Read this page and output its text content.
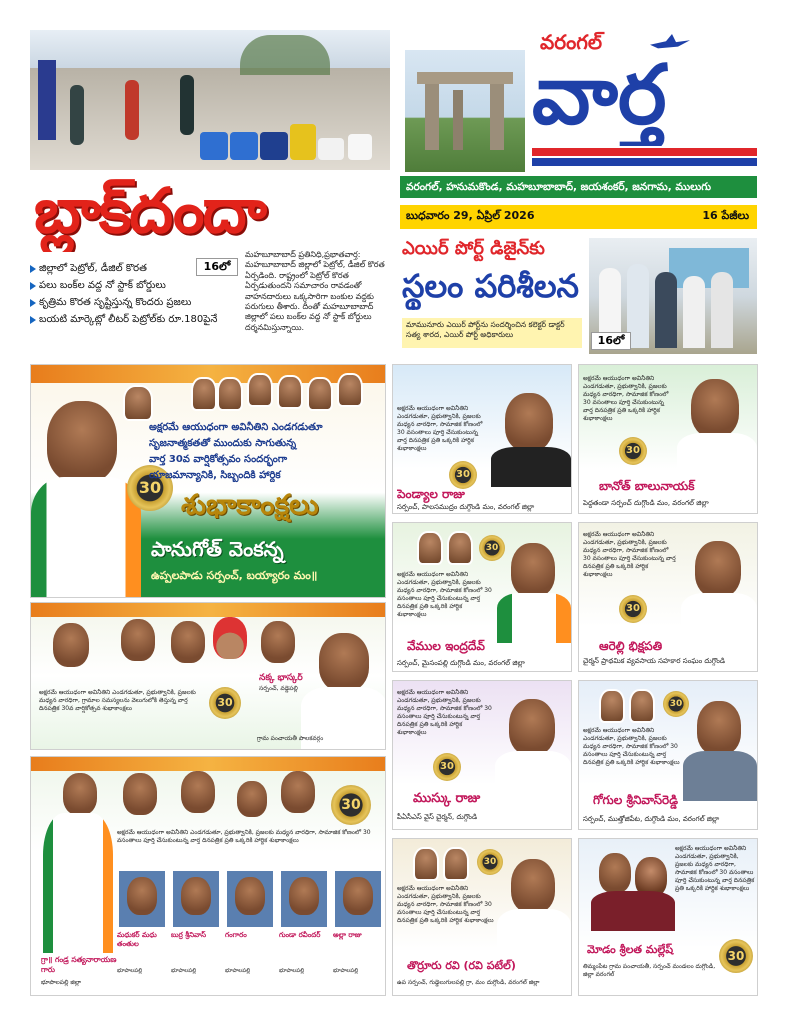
బ్లాక్‌దందా
జిల్లాలో పెట్రోల్, డీజిల్ కొరత
పలు బంక్‌ల వద్ద నో స్టాక్ బోర్డులు
కృత్రిమ కొరత సృష్టిస్తున్న కొందరు ప్రజలు
బయటి మార్కెట్లో లీటర్ పెట్రోల్‌కు రూ.180పైనే
16లో
మహబూబాబాద్ ప్రతినిధి,ప్రభాతవార్త: మహబూబాబాద్ జిల్లాలో పెట్రోల్, డీజిల్ కొరత ఏర్పడింది. రాష్ట్రంలో పెట్రోల్ కొరత ఏర్పడుతుందని సమాచారం రావడంతో వాహనదారులు ఒక్కసారిగా బంకుల వద్దకు పరుగులు తీశారు. దీంతో మహబూబాబాద్ జిల్లాలో పలు బంక్‌ల వద్ద నో స్టాక్ బోర్డులు దర్శనమిస్తున్నాయి.
వరంగల్
వార్త
వరంగల్, హనుమకొండ, మహబూబాబాద్, జయశంకర్, జనగామ, ములుగు
బుధవారం 29, ఏప్రిల్ 2026	16 పేజీలు
ఎయిర్ పోర్ట్ డిజైన్‌కు
స్థలం పరిశీలన
మామునూరు ఎయిర్ పోర్ట్‌ను సందర్శించిన కలెక్టర్ డాక్టర్ సత్య శారద, ఎయిర్ పోర్ట్ అధికారులు	16లో
30
అక్షరమే ఆయుధంగా అవినీతిని ఎండగడుతూ
సృజనాత్మకతతో ముందుకు సాగుతున్న
వార్త 30వ వార్షికోత్సవం సందర్భంగా
యాజమాన్యానికి, సిబ్బందికి హార్దిక
శుభాకాంక్షలు
పానుగోత్ వెంకన్న
ఉప్పలపాడు సర్పంచ్, బయ్యారం మం॥
30
నక్క భాస్కర్
సర్పంచ్, వడ్డెపల్లి
అక్షరమే ఆయుధంగా అవినీతిని ఎండగడుతూ, ప్రభుత్వానికి, ప్రజలకు మధ్యన వారధిగా, గ్రామాల సమస్యలను వెలుగులోకి తెస్తున్న వార్త దినపత్రిక 30వ వార్షికోత్సవ శుభాకాంక్షలు
గ్రామ పంచాయతీ పాలకవర్గం
30
అక్షరమే ఆయుధంగా అవినీతిని ఎండగడుతూ, ప్రభుత్వానికి, ప్రజలకు మధ్యన వారధిగా, సామాజిక కోణంలో 30 వసంతాలు పూర్తి చేసుకుంటున్న వార్త దినపత్రిక ప్రతి ఒక్కరికి హార్దిక శుభాకాంక్షలు
గ్రా॥ గండ్ర సత్యనారాయణ గారు
భూపాలపల్లి జిల్లా
మధుకర్ మధు తంతుల
భూపాలపల్లి
బుర్ర శ్రీనివాస్
భూపాలపల్లి
గంగారం
భూపాలపల్లి
గుండా రవీందర్
భూపాలపల్లి
అల్లా రాజు
భూపాలపల్లి
అక్షరమే ఆయుధంగా అవినీతిని ఎండగడుతూ, ప్రభుత్వానికి, ప్రజలకు మధ్యన వారధిగా, సామాజిక కోణంలో 30 వసంతాలు పూర్తి చేసుకుంటున్న వార్త దినపత్రిక ప్రతి ఒక్కరికి హార్దిక శుభాకాంక్షలు
30
పెండ్యాల రాజు
సర్పంచ్, పాలసముద్రం దుగ్గొండి మం, వరంగల్ జిల్లా
అక్షరమే ఆయుధంగా అవినీతిని ఎండగడుతూ, ప్రభుత్వానికి, ప్రజలకు మధ్యన వారధిగా, సామాజిక కోణంలో 30 వసంతాలు పూర్తి చేసుకుంటున్న వార్త దినపత్రిక ప్రతి ఒక్కరికి హార్దిక శుభాకాంక్షలు
30
బానోత్ బాలునాయక్
పెద్దతండా సర్పంచ్ దుగ్గొండి మం, వరంగల్ జిల్లా
అక్షరమే ఆయుధంగా అవినీతిని ఎండగడుతూ, ప్రభుత్వానికి, ప్రజలకు మధ్యన వారధిగా, సామాజిక కోణంలో 30 వసంతాలు పూర్తి చేసుకుంటున్న వార్త దినపత్రిక ప్రతి ఒక్కరికి హార్దిక శుభాకాంక్షలు
30
వేముల ఇంద్రదేవ్
సర్పంచ్, మైసంపల్లి దుగ్గొండి మం, వరంగల్ జిల్లా
అక్షరమే ఆయుధంగా అవినీతిని ఎండగడుతూ, ప్రభుత్వానికి, ప్రజలకు మధ్యన వారధిగా, సామాజిక కోణంలో 30 వసంతాలు పూర్తి చేసుకుంటున్న వార్త దినపత్రిక ప్రతి ఒక్కరికి హార్దిక శుభాకాంక్షలు
30
ఆరెల్లి భిక్షపతి
చైర్మన్ ప్రాథమిక వ్యవసాయ సహకార సంఘం దుగ్గొండి
అక్షరమే ఆయుధంగా అవినీతిని ఎండగడుతూ, ప్రభుత్వానికి, ప్రజలకు మధ్యన వారధిగా, సామాజిక కోణంలో 30 వసంతాలు పూర్తి చేసుకుంటున్న వార్త దినపత్రిక ప్రతి ఒక్కరికి హార్దిక శుభాకాంక్షలు
30
ముస్కు రాజు
పీఏసీఎస్ వైస్ చైర్మన్, దుగ్గొండి
30
అక్షరమే ఆయుధంగా అవినీతిని ఎండగడుతూ, ప్రభుత్వానికి, ప్రజలకు మధ్యన వారధిగా, సామాజిక కోణంలో 30 వసంతాలు పూర్తి చేసుకుంటున్న వార్త దినపత్రిక ప్రతి ఒక్కరికి హార్దిక శుభాకాంక్షలు
గోగుల శ్రీనివాస్‌రెడ్డి
సర్పంచ్, ముత్తోజిపేట, దుగ్గొండి మం, వరంగల్ జిల్లా
30
అక్షరమే ఆయుధంగా అవినీతిని ఎండగడుతూ, ప్రభుత్వానికి, ప్రజలకు మధ్యన వారధిగా, సామాజిక కోణంలో 30 వసంతాలు పూర్తి చేసుకుంటున్న వార్త దినపత్రిక ప్రతి ఒక్కరికి హార్దిక శుభాకాంక్షలు
తొర్రూరు రవి (రవి పటేల్)
ఉప సర్పంచ్, గుడ్డెలుగులపల్లి గ్రా, మం దుగ్గొండి, వరంగల్ జిల్లా
అక్షరమే ఆయుధంగా అవినీతిని ఎండగడుతూ, ప్రభుత్వానికి, ప్రజలకు మధ్యన వారధిగా, సామాజిక కోణంలో 30 వసంతాలు పూర్తి చేసుకుంటున్న వార్త దినపత్రిక ప్రతి ఒక్కరికి హార్దిక శుభాకాంక్షలు
30
మోడం శ్రీలత మల్లేష్
తిమ్మంపేట గ్రామ పంచాయతీ, సర్పంచ్ మండలం దుగ్గొండి, జిల్లా వరంగల్
